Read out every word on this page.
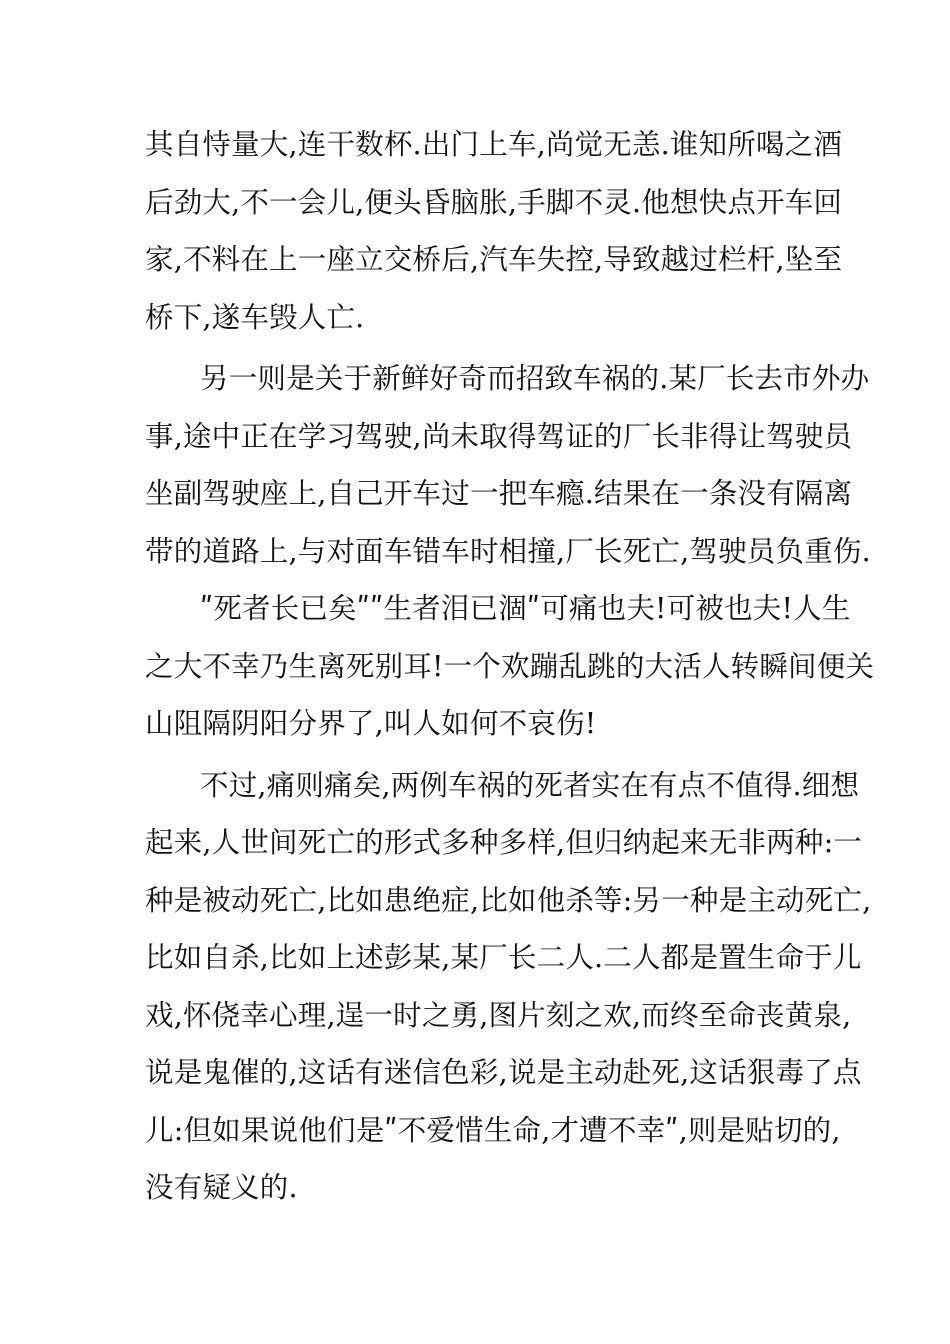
其自恃量大,连干数杯.出门上车,尚觉无恙.谁知所喝之酒
后劲大,不一会儿,便头昏脑胀,手脚不灵.他想快点开车回
家,不料在上一座立交桥后,汽车失控,导致越过栏杆,坠至
桥下,遂车毁人亡.
另一则是关于新鲜好奇而招致车祸的.某厂长去市外办
事,途中正在学习驾驶,尚未取得驾证的厂长非得让驾驶员
坐副驾驶座上,自己开车过一把车瘾.结果在一条没有隔离
带的道路上,与对面车错车时相撞,厂长死亡,驾驶员负重伤.
ʺ死者长已矣ʺʺ生者泪已涸ʺ可痛也夫!可被也夫!人生
之大不幸乃生离死别耳!一个欢蹦乱跳的大活人转瞬间便关
山阻隔阴阳分界了,叫人如何不哀伤!
不过,痛则痛矣,两例车祸的死者实在有点不值得.细想
起来,人世间死亡的形式多种多样,但归纳起来无非两种:一
种是被动死亡,比如患绝症,比如他杀等:另一种是主动死亡,
比如自杀,比如上述彭某,某厂长二人.二人都是置生命于儿
戏,怀侥幸心理,逞一时之勇,图片刻之欢,而终至命丧黄泉,
说是鬼催的,这话有迷信色彩,说是主动赴死,这话狠毒了点
儿:但如果说他们是ʺ不爱惜生命,才遭不幸ʺ,则是贴切的,
没有疑义的.
